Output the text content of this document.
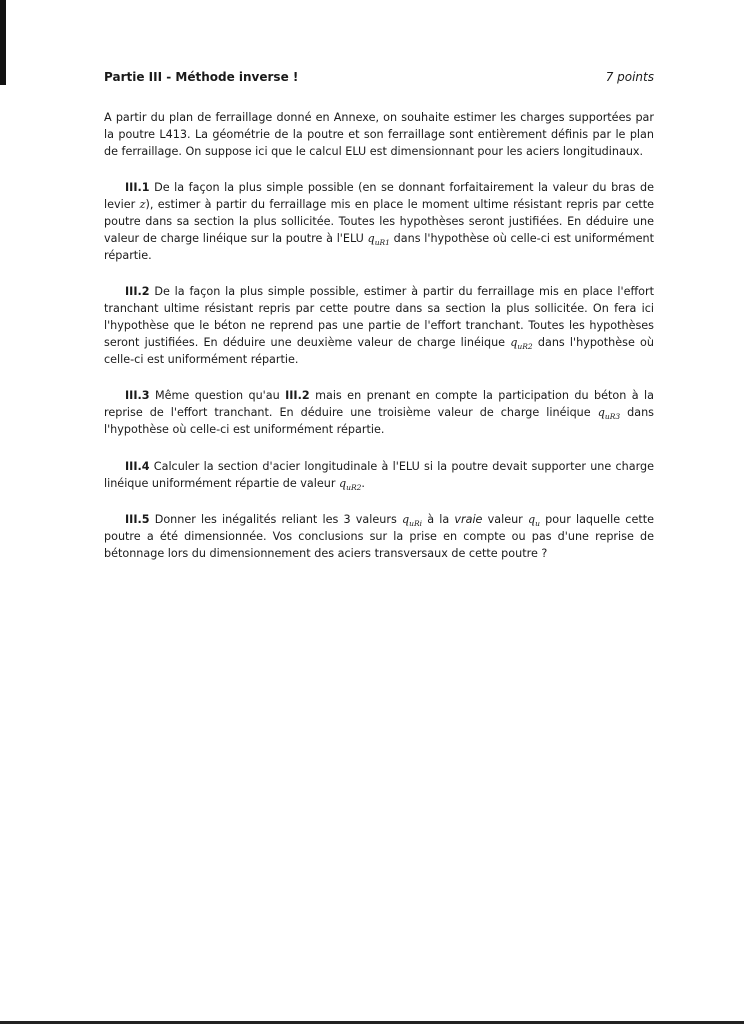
Partie III - Méthode inverse !	7 points

A partir du plan de ferraillage donné en Annexe, on souhaite estimer les charges supportées par la poutre L413. La géométrie de la poutre et son ferraillage sont entièrement définis par le plan de ferraillage. On suppose ici que le calcul ELU est dimensionnant pour les aciers longitudinaux.

III.1 De la façon la plus simple possible (en se donnant forfaitairement la valeur du bras de levier z), estimer à partir du ferraillage mis en place le moment ultime résistant repris par cette poutre dans sa section la plus sollicitée. Toutes les hypothèses seront justifiées. En déduire une valeur de charge linéique sur la poutre à l'ELU $q_{uR1}$ dans l'hypothèse où celle-ci est uniformément répartie.

III.2 De la façon la plus simple possible, estimer à partir du ferraillage mis en place l'effort tranchant ultime résistant repris par cette poutre dans sa section la plus sollicitée. On fera ici l'hypothèse que le béton ne reprend pas une partie de l'effort tranchant. Toutes les hypothèses seront justifiées. En déduire une deuxième valeur de charge linéique $q_{uR2}$ dans l'hypothèse où celle-ci est uniformément répartie.

III.3 Même question qu'au III.2 mais en prenant en compte la participation du béton à la reprise de l'effort tranchant. En déduire une troisième valeur de charge linéique $q_{uR3}$ dans l'hypothèse où celle-ci est uniformément répartie.

III.4 Calculer la section d'acier longitudinale à l'ELU si la poutre devait supporter une charge linéique uniformément répartie de valeur $q_{uR2}$.

III.5 Donner les inégalités reliant les 3 valeurs $q_{uRi}$ à la vraie valeur $q_u$ pour laquelle cette poutre a été dimensionnée. Vos conclusions sur la prise en compte ou pas d'une reprise de bétonnage lors du dimensionnement des aciers transversaux de cette poutre ?
